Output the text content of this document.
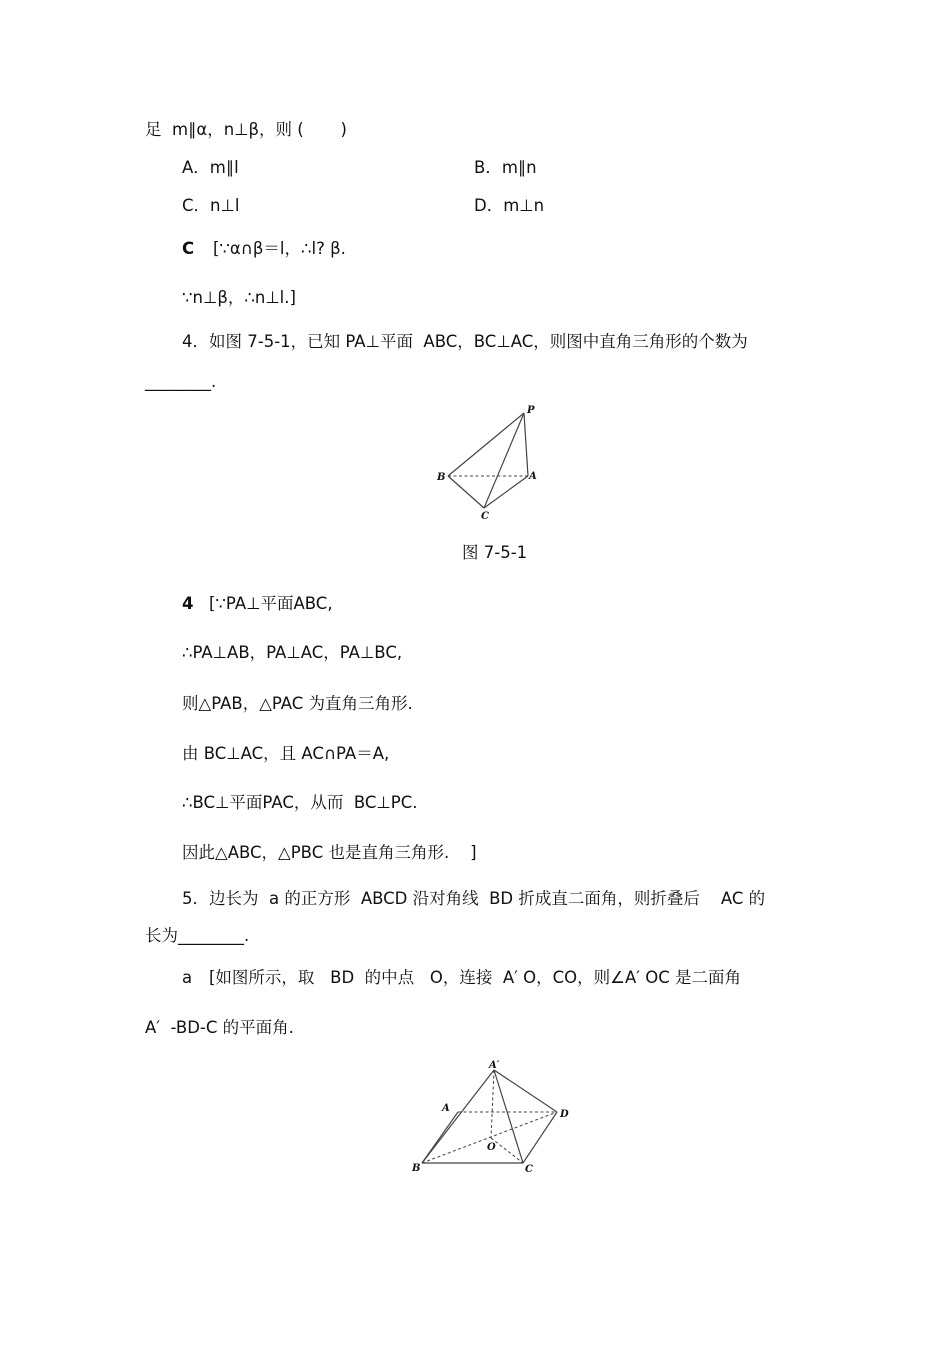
足  m∥α，n⊥β，则 (       )
A．m∥l	B．m∥n
C．n⊥l	D．m⊥n
C [∵α∩β＝l，∴l? β.
∵n⊥β，∴n⊥l.]
4．如图 7-5-1，已知 PA⊥平面  ABC，BC⊥AC，则图中直角三角形的个数为
________.
P
A
B
C
图 7-5-1
4 [∵PA⊥平面ABC,
∴PA⊥AB，PA⊥AC，PA⊥BC,
则△PAB，△PAC 为直角三角形.
由 BC⊥AC，且 AC∩PA＝A,
∴BC⊥平面PAC，从而  BC⊥PC.
因此△ABC，△PBC 也是直角三角形.    ]
5．边长为  a 的正方形  ABCD 沿对角线  BD 折成直二面角，则折叠后    AC 的
长为________.
a [如图所示，取   BD  的中点   O，连接  A′ O，CO，则∠A′ OC 是二面角
A′  -BD-C 的平面角.
A′
A
B	C
D
O
